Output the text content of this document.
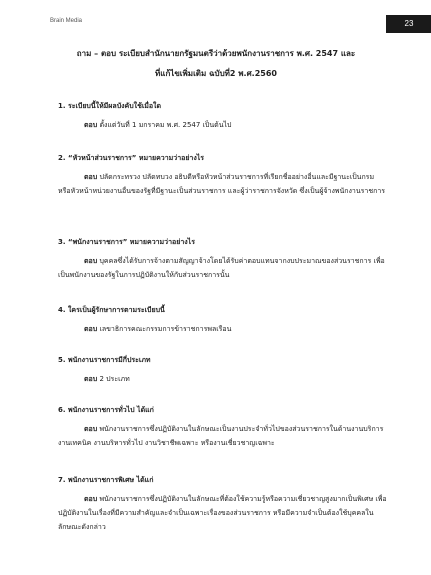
Brain Media	23
ถาม – ตอบ ระเบียบสำนักนายกรัฐมนตรีว่าด้วยพนักงานราชการ พ.ศ. 2547 และ
ที่แก้ไขเพิ่มเติม ฉบับที่2 พ.ศ.2560
1. ระเบียบนี้ให้มีผลบังคับใช้เมื่อใด
ตอบ ตั้งแต่วันที่ 1 มกราคม พ.ศ. 2547 เป็นต้นไป
2. “หัวหน้าส่วนราชการ” หมายความว่าอย่างไร
ตอบ ปลัดกระทรวง ปลัดทบวง อธิบดีหรือหัวหน้าส่วนราชการที่เรียกชื่ออย่างอื่นและมีฐานะเป็นกรม หรือหัวหน้าหน่วยงานอื่นของรัฐที่มีฐานะเป็นส่วนราชการ และผู้ว่าราชการจังหวัด ซึ่งเป็นผู้จ้างพนักงานราชการ
3. “พนักงานราชการ” หมายความว่าอย่างไร
ตอบ บุคคลซึ่งได้รับการจ้างตามสัญญาจ้างโดยได้รับค่าตอบแทนจากงบประมาณของส่วนราชการ เพื่อเป็นพนักงานของรัฐในการปฏิบัติงานให้กับส่วนราชการนั้น
4. ใครเป็นผู้รักษาการตามระเบียบนี้
ตอบ เลขาธิการคณะกรรมการข้าราชการพลเรือน
5. พนักงานราชการมีกี่ประเภท
ตอบ 2 ประเภท
6. พนักงานราชการทั่วไป ได้แก่
ตอบ พนักงานราชการซึ่งปฏิบัติงานในลักษณะเป็นงานประจำทั่วไปของส่วนราชการในด้านงานบริการ งานเทคนิค งานบริหารทั่วไป งานวิชาชีพเฉพาะ หรืองานเชี่ยวชาญเฉพาะ
7. พนักงานราชการพิเศษ ได้แก่
ตอบ พนักงานราชการซึ่งปฏิบัติงานในลักษณะที่ต้องใช้ความรู้หรือความเชี่ยวชาญสูงมากเป็นพิเศษ เพื่อปฏิบัติงานในเรื่องที่มีความสำคัญและจำเป็นเฉพาะเรื่องของส่วนราชการ หรือมีความจำเป็นต้องใช้บุคคลในลักษณะดังกล่าว
